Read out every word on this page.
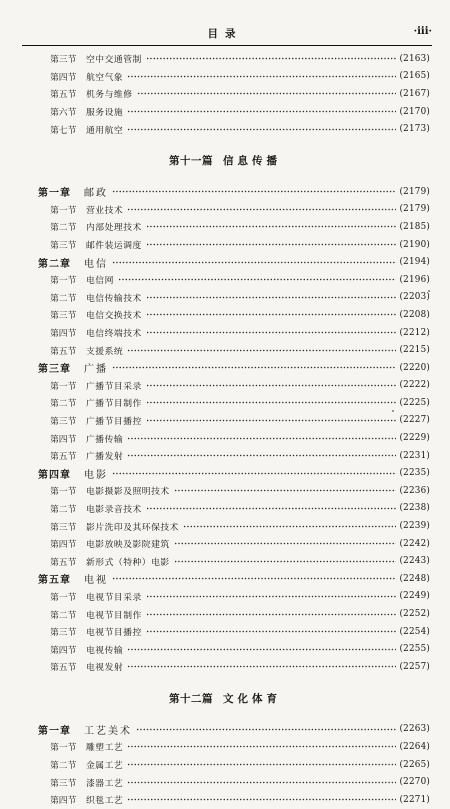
目录	·iii·
第三节	空中交通管制	(2163)
第四节	航空气象	(2165)
第五节	机务与维修	(2167)
第六节	服务设施	(2170)
第七节	通用航空	(2173)
第十一篇 信息传播
第一章	邮政	(2179)
第一节	营业技术	(2179)
第二节	内部处理技术	(2185)
第三节	邮件装运调度	(2190)
第二章	电信	(2194)
第一节	电信网	(2196)
第二节	电信传输技术	(2203)
第三节	电信交换技术	(2208)
第四节	电信终端技术	(2212)
第五节	支援系统	(2215)
第三章	广播	(2220)
第一节	广播节目采录	(2222)
第二节	广播节目制作	(2225)
第三节	广播节目播控	(2227)
第四节	广播传输	(2229)
第五节	广播发射	(2231)
第四章	电影	(2235)
第一节	电影摄影及照明技术	(2236)
第二节	电影录音技术	(2238)
第三节	影片洗印及其环保技术	(2239)
第四节	电影放映及影院建筑	(2242)
第五节	新形式（特种）电影	(2243)
第五章	电视	(2248)
第一节	电视节目采录	(2249)
第二节	电视节目制作	(2252)
第三节	电视节目播控	(2254)
第四节	电视传输	(2255)
第五节	电视发射	(2257)
第十二篇 文化体育
第一章	工艺美术	(2263)
第一节	雕塑工艺	(2264)
第二节	金属工艺	(2265)
第三节	漆器工艺	(2270)
第四节	织毯工艺	(2271)
